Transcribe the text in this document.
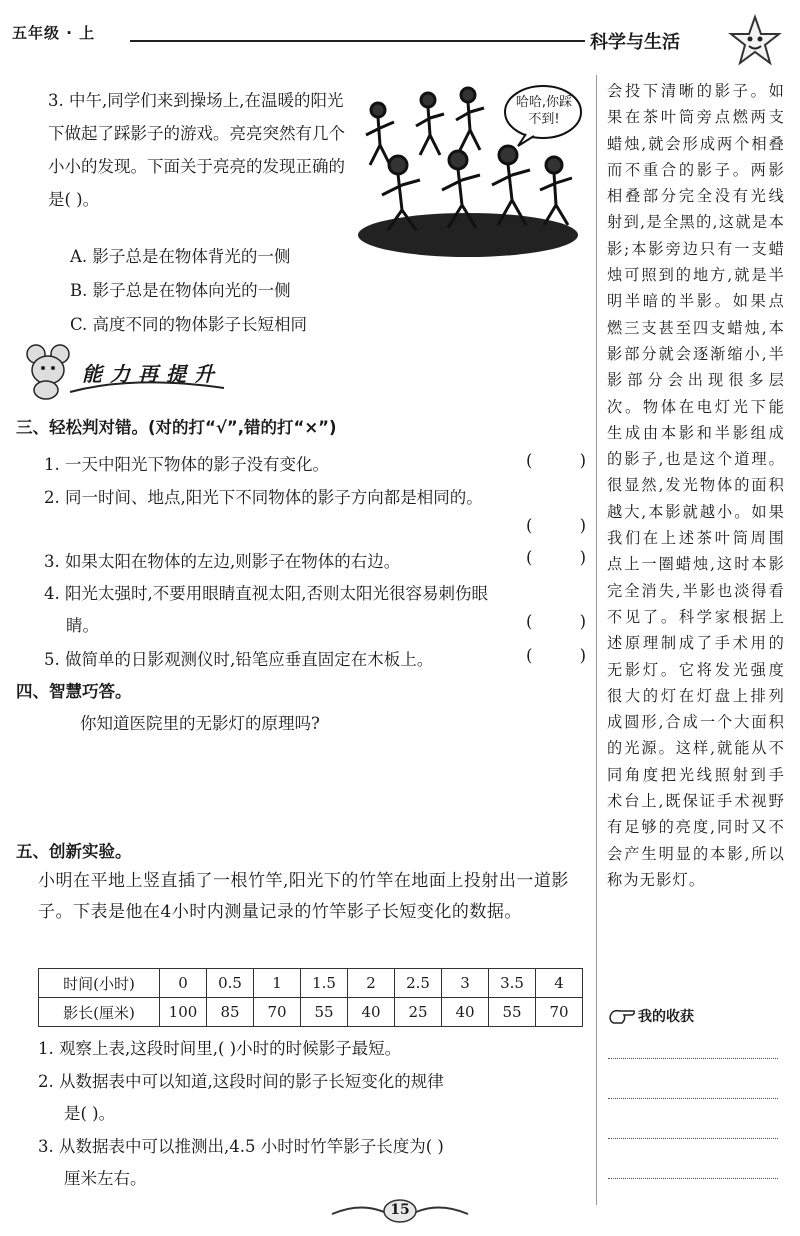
五年级 · 上	科学与生活
会投下清晰的影子。如果在茶叶筒旁点燃两支蜡烛,就会形成两个相叠而不重合的影子。两影相叠部分完全没有光线射到,是全黑的,这就是本影;本影旁边只有一支蜡烛可照到的地方,就是半明半暗的半影。如果点燃三支甚至四支蜡烛,本影部分就会逐渐缩小,半影部分会出现很多层次。物体在电灯光下能生成由本影和半影组成的影子,也是这个道理。很显然,发光物体的面积越大,本影就越小。如果我们在上述茶叶筒周围点上一圈蜡烛,这时本影完全消失,半影也淡得看不见了。科学家根据上述原理制成了手术用的无影灯。它将发光强度很大的灯在灯盘上排列成圆形,合成一个大面积的光源。这样,就能从不同角度把光线照射到手术台上,既保证手术视野有足够的亮度,同时又不会产生明显的本影,所以称为无影灯。
我的收获
3. 中午,同学们来到操场上,在温暖的阳光下做起了踩影子的游戏。亮亮突然有几个小小的发现。下面关于亮亮的发现正确的是( )。
A. 影子总是在物体背光的一侧
B. 影子总是在物体向光的一侧
C. 高度不同的物体影子长短相同
哈哈,你踩不到!
能力再提升
三、轻松判对错。(对的打“√”,错的打“×”)
1. 一天中阳光下物体的影子没有变化。	(	)
2. 同一时间、地点,阳光下不同物体的影子方向都是相同的。
(	)
3. 如果太阳在物体的左边,则影子在物体的右边。	(	)
4. 阳光太强时,不要用眼睛直视太阳,否则太阳光很容易刺伤眼
睛。	(	)
5. 做简单的日影观测仪时,铅笔应垂直固定在木板上。	(	)
四、智慧巧答。
你知道医院里的无影灯的原理吗?
五、创新实验。
小明在平地上竖直插了一根竹竿,阳光下的竹竿在地面上投射出一道影子。下表是他在4小时内测量记录的竹竿影子长短变化的数据。
时间(小时)	0	0.5	1	1.5	2	2.5	3	3.5	4
影长(厘米)	100	85	70	55	40	25	40	55	70
1. 观察上表,这段时间里,( )小时的时候影子最短。
2. 从数据表中可以知道,这段时间的影子长短变化的规律
是( )。
3. 从数据表中可以推测出,4.5 小时时竹竿影子长度为( )
厘米左右。
15
